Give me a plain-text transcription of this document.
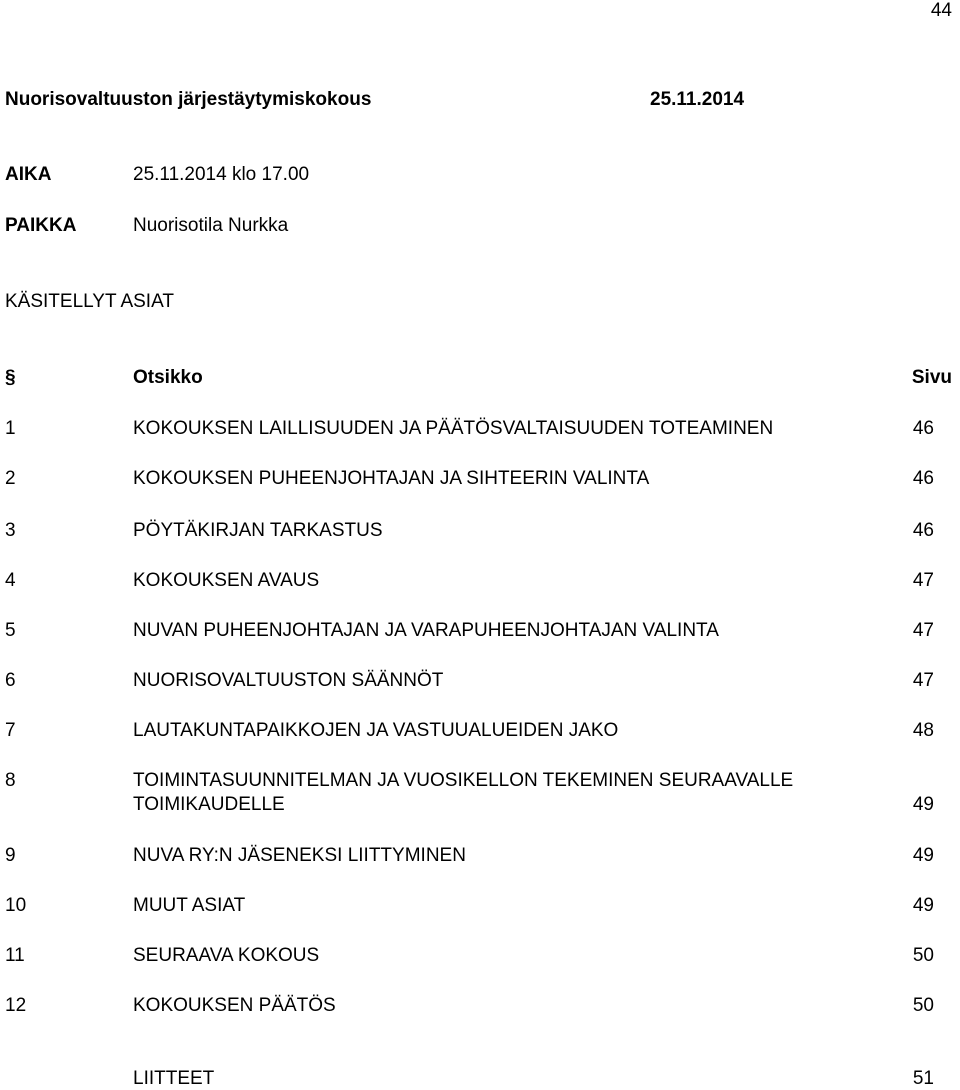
44
Nuorisovaltuuston järjestäytymiskokous	25.11.2014
AIKA	25.11.2014 klo 17.00
PAIKKA	Nuorisotila Nurkka
KÄSITELLYT ASIAT
§	Otsikko	Sivu
1	KOKOUKSEN LAILLISUUDEN JA PÄÄTÖSVALTAISUUDEN TOTEAMINEN	46
2	KOKOUKSEN PUHEENJOHTAJAN JA SIHTEERIN VALINTA	46
3	PÖYTÄKIRJAN TARKASTUS	46
4	KOKOUKSEN AVAUS	47
5	NUVAN PUHEENJOHTAJAN JA VARAPUHEENJOHTAJAN VALINTA	47
6	NUORISOVALTUUSTON SÄÄNNÖT	47
7	LAUTAKUNTAPAIKKOJEN JA VASTUUALUEIDEN JAKO	48
8	TOIMINTASUUNNITELMAN JA VUOSIKELLON TEKEMINEN SEURAAVALLE
TOIMIKAUDELLE	49
9	NUVA RY:N JÄSENEKSI LIITTYMINEN	49
10	MUUT ASIAT	49
11	SEURAAVA KOKOUS	50
12	KOKOUKSEN PÄÄTÖS	50
LIITTEET	51
